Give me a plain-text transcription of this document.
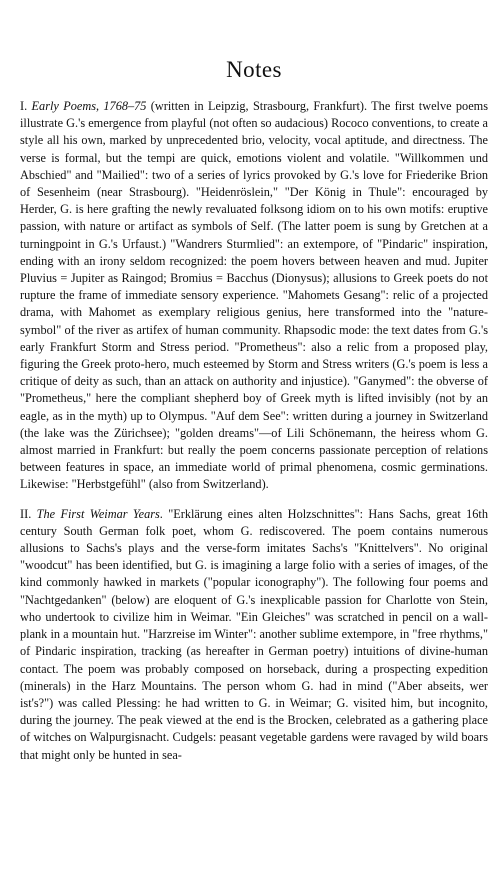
Notes

I. Early Poems, 1768–75 (written in Leipzig, Strasbourg, Frankfurt). The first twelve poems illustrate G.'s emergence from playful (not often so audacious) Rococo conventions, to create a style all his own, marked by unprecedented brio, velocity, vocal aptitude, and directness. The verse is formal, but the tempi are quick, emotions violent and volatile. "Willkommen und Abschied" and "Mailied": two of a series of lyrics provoked by G.'s love for Friederike Brion of Sesenheim (near Strasbourg). "Heidenröslein," "Der König in Thule": encouraged by Herder, G. is here grafting the newly revaluated folksong idiom on to his own motifs: eruptive passion, with nature or artifact as symbols of Self. (The latter poem is sung by Gretchen at a turningpoint in G.'s Urfaust.) "Wandrers Sturmlied": an extempore, of "Pindaric" inspiration, ending with an irony seldom recognized: the poem hovers between heaven and mud. Jupiter Pluvius = Jupiter as Raingod; Bromius = Bacchus (Dionysus); allusions to Greek poets do not rupture the frame of immediate sensory experience. "Mahomets Gesang": relic of a projected drama, with Mahomet as exemplary religious genius, here transformed into the "nature-symbol" of the river as artifex of human community. Rhapsodic mode: the text dates from G.'s early Frankfurt Storm and Stress period. "Prometheus": also a relic from a proposed play, figuring the Greek proto-hero, much esteemed by Storm and Stress writers (G.'s poem is less a critique of deity as such, than an attack on authority and injustice). "Ganymed": the obverse of "Prometheus," here the compliant shepherd boy of Greek myth is lifted invisibly (not by an eagle, as in the myth) up to Olympus. "Auf dem See": written during a journey in Switzerland (the lake was the Zürichsee); "golden dreams"—of Lili Schönemann, the heiress whom G. almost married in Frankfurt: but really the poem concerns passionate perception of relations between features in space, an immediate world of primal phenomena, cosmic germinations. Likewise: "Herbstgefühl" (also from Switzerland).

II. The First Weimar Years. "Erklärung eines alten Holzschnittes": Hans Sachs, great 16th century South German folk poet, whom G. rediscovered. The poem contains numerous allusions to Sachs's plays and the verse-form imitates Sachs's "Knittelvers". No original "woodcut" has been identified, but G. is imagining a large folio with a series of images, of the kind commonly hawked in markets ("popular iconography"). The following four poems and "Nachtgedanken" (below) are eloquent of G.'s inexplicable passion for Charlotte von Stein, who undertook to civilize him in Weimar. "Ein Gleiches" was scratched in pencil on a wall-plank in a mountain hut. "Harzreise im Winter": another sublime extempore, in "free rhythms," of Pindaric inspiration, tracking (as hereafter in German poetry) intuitions of divine-human contact. The poem was probably composed on horseback, during a prospecting expedition (minerals) in the Harz Mountains. The person whom G. had in mind ("Aber abseits, wer ist's?") was called Plessing: he had written to G. in Weimar; G. visited him, but incognito, during the journey. The peak viewed at the end is the Brocken, celebrated as a gathering place of witches on Walpurgisnacht. Cudgels: peasant vegetable gardens were ravaged by wild boars that might only be hunted in sea-
